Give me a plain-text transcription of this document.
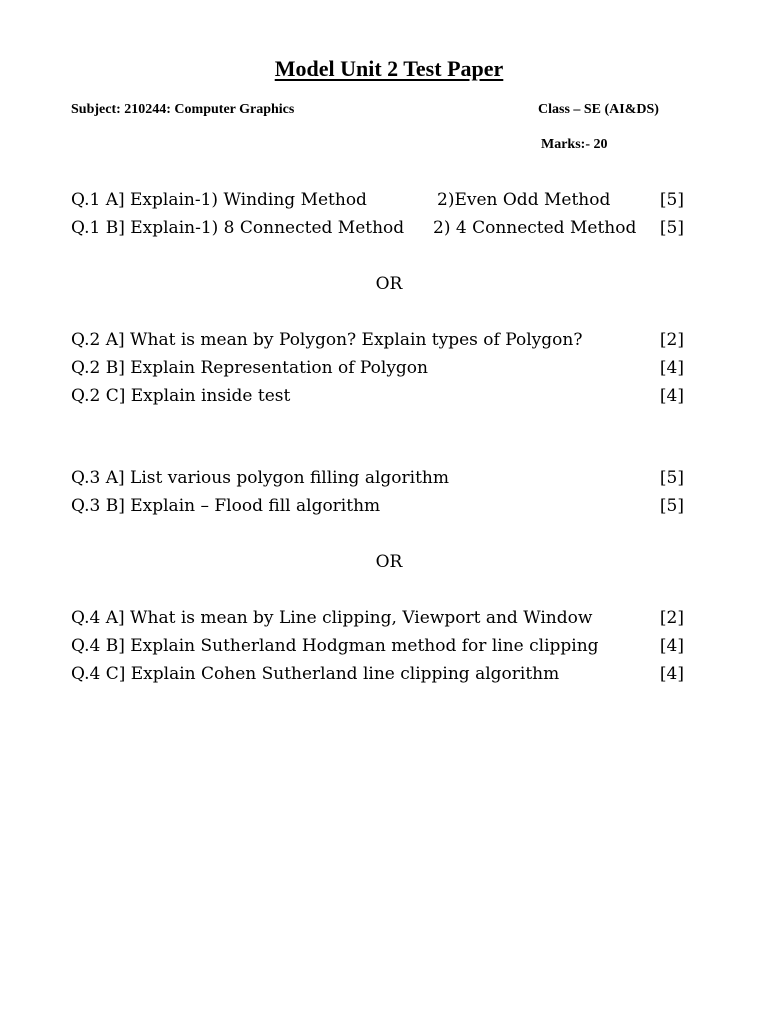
Model Unit 2 Test Paper
Subject: 210244: Computer Graphics	Class – SE (AI&DS)
Marks:- 20
Q.1 A] Explain-1) Winding Method	2)Even Odd Method	[5]
Q.1 B] Explain-1) 8 Connected Method 2) 4 Connected Method [5]
OR
Q.2 A] What is mean by Polygon? Explain types of Polygon?	[2]
Q.2 B] Explain Representation of Polygon	[4]
Q.2 C] Explain inside test	[4]
Q.3 A] List various polygon filling algorithm	[5]
Q.3 B] Explain – Flood fill algorithm	[5]
OR
Q.4 A] What is mean by Line clipping, Viewport and Window	[2]
Q.4 B] Explain Sutherland Hodgman method for line clipping	[4]
Q.4 C] Explain Cohen Sutherland line clipping algorithm	[4]
